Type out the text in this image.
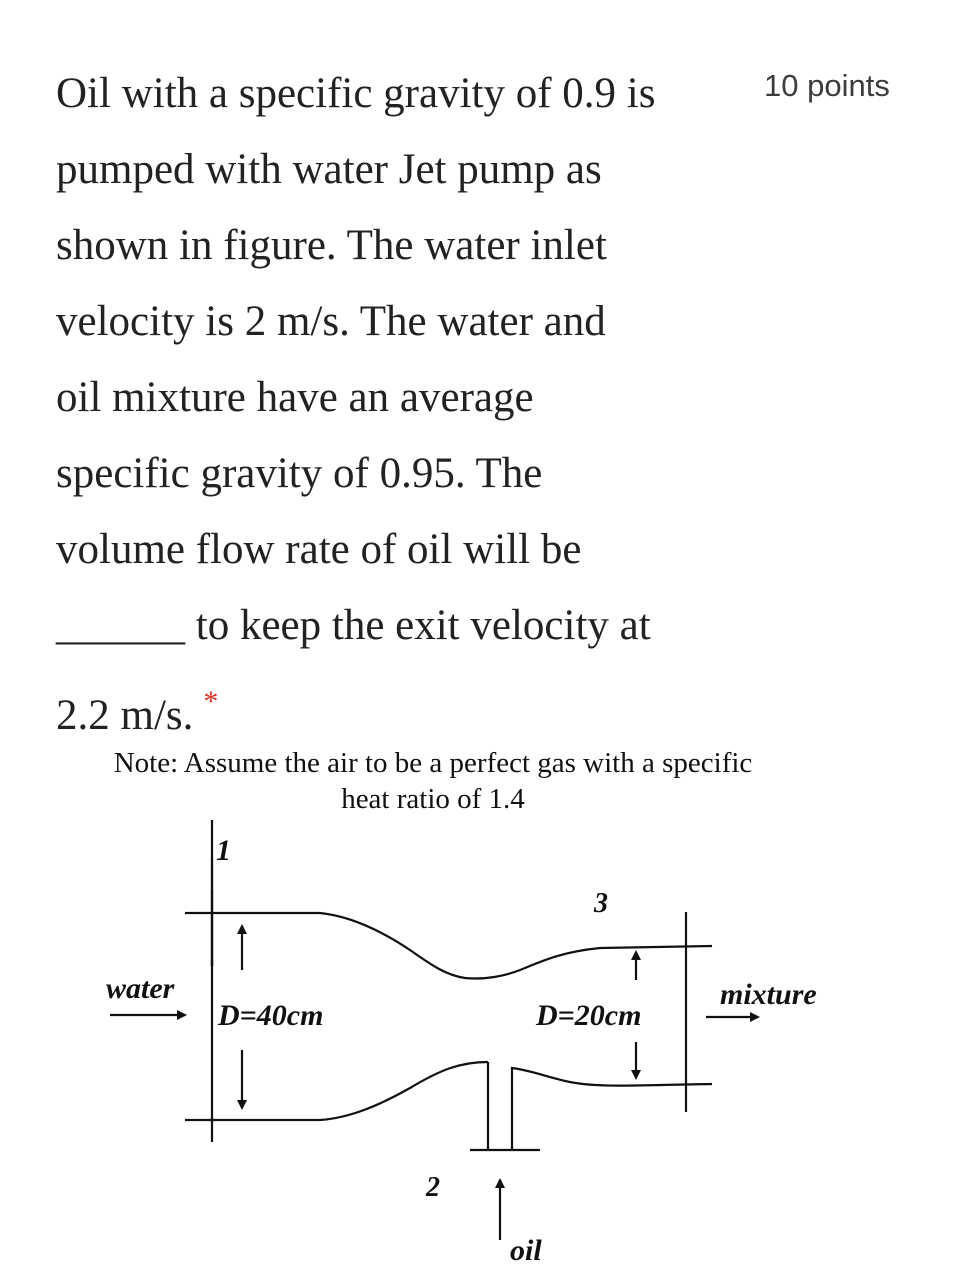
Oil with a specific gravity of 0.9 is
pumped with water Jet pump as
shown in figure. The water inlet
velocity is 2 m/s. The water and
oil mixture have an average
specific gravity of 0.95. The
volume flow rate of oil will be
______ to keep the exit velocity at
2.2 m/s. *
10 points
Note: Assume the air to be a perfect gas with a specific
heat ratio of 1.4
1
3
2
water
D=40cm	D=20cm
mixture
oil
